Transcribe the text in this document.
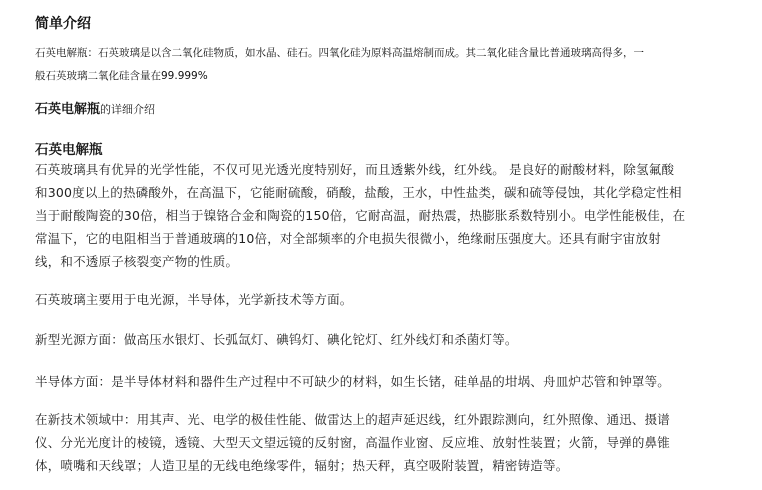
简单介绍
石英电解瓶：石英玻璃是以含二氧化硅物质，如水晶、硅石。四氧化硅为原料高温熔制而成。其二氧化硅含量比普通玻璃高得多，一
般石英玻璃二氧化硅含量在99.999%
石英电解瓶的详细介绍
石英电解瓶
石英玻璃具有优异的光学性能，不仅可见光透光度特别好，而且透紫外线，红外线。 是良好的耐酸材料，除氢氟酸
和300度以上的热磷酸外，在高温下，它能耐硫酸，硝酸，盐酸，王水，中性盐类，碳和硫等侵蚀，其化学稳定性相
当于耐酸陶瓷的30倍，相当于镍铬合金和陶瓷的150倍，它耐高温，耐热震，热膨胀系数特别小。电学性能极佳，在
常温下，它的电阻相当于普通玻璃的10倍，对全部频率的介电损失很微小，绝缘耐压强度大。还具有耐宇宙放射
线，和不透原子核裂变产物的性质。
石英玻璃主要用于电光源，半导体，光学新技术等方面。
新型光源方面：做高压水银灯、长弧氙灯、碘钨灯、碘化铊灯、红外线灯和杀菌灯等。
半导体方面：是半导体材料和器件生产过程中不可缺少的材料，如生长锗，硅单晶的坩埚、舟皿炉芯管和钟罩等。
在新技术领域中：用其声、光、电学的极佳性能、做雷达上的超声延迟线，红外跟踪测向，红外照像、通迅、摄谱
仪、分光光度计的棱镜，透镜、大型天文望远镜的反射窗，高温作业窗、反应堆、放射性装置；火箭，导弹的鼻锥
体，喷嘴和天线罩；人造卫星的无线电绝缘零件，辐射；热天秤，真空吸附装置，精密铸造等。
